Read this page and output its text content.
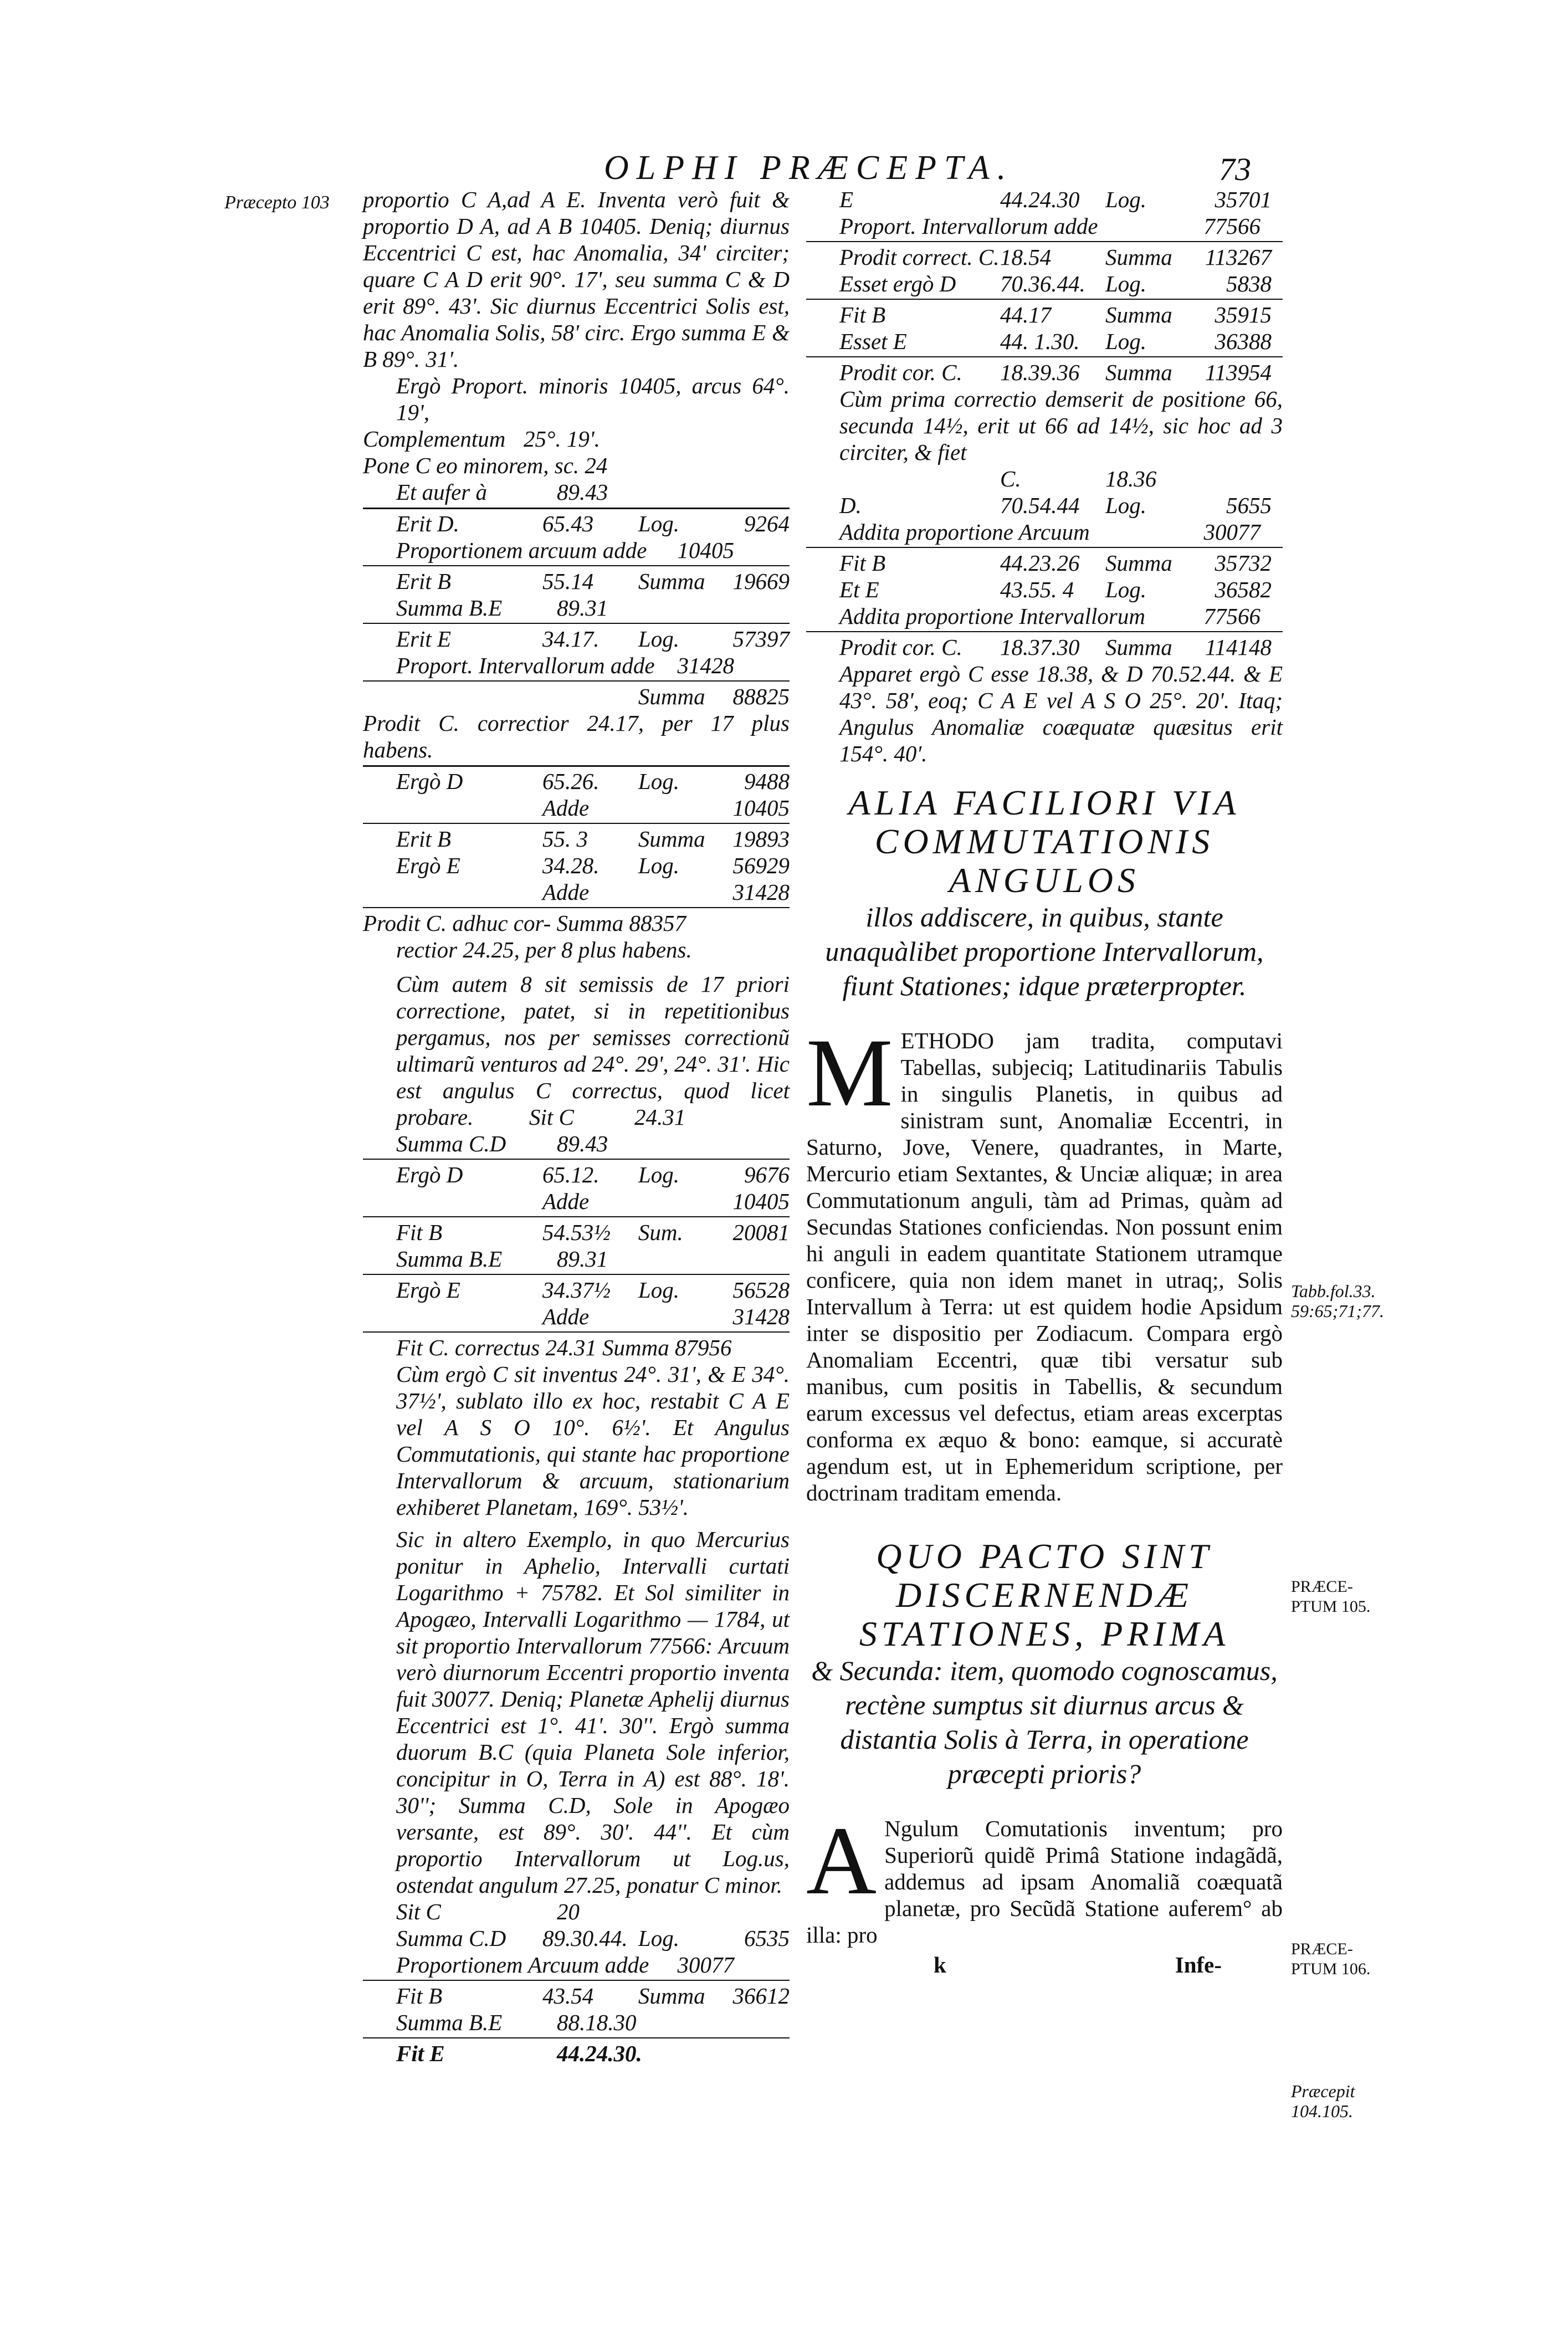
OLPHI PRÆCEPTA.	73
Præcepto 103
Tabb.fol.33.
59:65;71;77.
PRÆCE-
PTUM 105.
PRÆCE-
PTUM 106.
Præcepit
104.105.

proportio C A,ad A E. Inventa verò fuit & proportio D A, ad A B 10405. Deniq; diurnus Eccentrici C est, hac Anomalia, 34' circiter; quare C A D erit 90°. 17', seu summa C & D erit 89°. 43'. Sic diurnus Eccentrici Solis est, hac Anomalia Solis, 58' circ. Ergo summa E & B 89°. 31'.

Ergò Proport. minoris 10405, arcus 64°. 19',

Complementum 25°. 19'.

Pone C eo minorem, sc. 24

Et aufer à	89.43
Erit D.	65.43	Log.	9264
Proportionem arcuum adde	10405
Erit B	55.14	Summa	19669
Summa B.E	89.31
Erit E	34.17.	Log.	57397
Proport. Intervallorum adde 31428
Summa	88825

Prodit C. correctior 24.17, per 17 plus habens.

Ergò D	65.26.	Log.	9488
Adde	10405
Erit B	55. 3	Summa	19893
Ergò E	34.28.	Log.	56929
Adde	31428

Prodit C. adhuc cor- Summa 88357

rectior 24.25, per 8 plus habens.

Cùm autem 8 sit semissis de 17 priori correctione, patet, si in repetitionibus pergamus, nos per semisses correctionũ ultimarũ venturos ad 24°. 29', 24°. 31'. Hic est angulus C correctus, quod licet probare.	Sit C	24.31
Summa C.D	89.43
Ergò D	65.12.	Log.	9676
Adde	10405
Fit B	54.53½	Sum.	20081
Summa B.E	89.31
Ergò E	34.37½	Log.	56528
Adde	31428

Fit C. correctus 24.31 Summa 87956

Cùm ergò C sit inventus 24°. 31', & E 34°. 37½', sublato illo ex hoc, restabit C A E vel A S O 10°. 6½'. Et Angulus Commutationis, qui stante hac proportione Intervallorum & arcuum, stationarium exhiberet Planetam, 169°. 53½'.

Sic in altero Exemplo, in quo Mercurius ponitur in Aphelio, Intervalli curtati Logarithmo + 75782. Et Sol similiter in Apogæo, Intervalli Logarithmo — 1784, ut sit proportio Intervallorum 77566: Arcuum verò diurnorum Eccentri proportio inventa fuit 30077. Deniq; Planetæ Aphelij diurnus Eccentrici est 1°. 41'. 30''. Ergò summa duorum B.C (quia Planeta Sole inferior, concipitur in O, Terra in A) est 88°. 18'. 30''; Summa C.D, Sole in Apogæo versante, est 89°. 30'. 44''. Et cùm proportio Intervallorum ut Log.us, ostendat angulum 27.25, ponatur C minor.

Sit C	20
Summa C.D	89.30.44. Log.	6535
Proportionem Arcuum adde	30077
Fit B	43.54	Summa	36612
Summa B.E	88.18.30
Fit E	44.24.30.
E	44.24.30	Log.	35701
Proport. Intervallorum adde	77566
Prodit correct. C. 18.54	Summa	113267
Esset ergò D	70.36.44. Log.	5838
Fit B	44.17	Summa	35915
Esset E	44. 1.30.	Log.	36388
Prodit cor. C.	18.39.36	Summa	113954

Cùm prima correctio demserit de positione 66, secunda 14½, erit ut 66 ad 14½, sic hoc ad 3 circiter, & fiet

C.	18.36
D.	70.54.44	Log.	5655
Addita proportione Arcuum	30077
Fit B	44.23.26	Summa	35732
Et E	43.55. 4	Log.	36582
Addita proportione Intervallorum	77566
Prodit cor. C.	18.37.30	Summa	114148

Apparet ergò C esse 18.38, & D 70.52.44. & E 43°. 58', eoq; C A E vel A S O 25°. 20'. Itaq; Angulus Anomaliæ coæquatæ quæsitus erit 154°. 40'.

ALIA FACILIORI VIA
COMMUTATIONIS ANGULOS
illos addiscere, in quibus, stante unaquàlibet proportione Intervallorum, fiunt Stationes; idque præterpropter.
M ETHODO jam tradita, computavi Tabellas, subjeciq; Latitudinariis Tabulis in singulis Planetis, in quibus ad sinistram sunt, Anomaliæ Eccentri, in Saturno, Jove, Venere, quadrantes, in Marte, Mercurio etiam Sextantes, & Unciæ aliquæ; in area Commutationum anguli, tàm ad Primas, quàm ad Secundas Stationes conficiendas. Non possunt enim hi anguli in eadem quantitate Stationem utramque conficere, quia non idem manet in utraq;, Solis Intervallum à Terra: ut est quidem hodie Apsidum inter se dispositio per Zodiacum. Compara ergò Anomaliam Eccentri, quæ tibi versatur sub manibus, cum positis in Tabellis, & secundum earum excessus vel defectus, etiam areas excerptas conforma ex æquo & bono: eamque, si accuratè agendum est, ut in Ephemeridum scriptione, per doctrinam traditam emenda.

QUO PACTO SINT DISCERNENDÆ STATIONES, PRIMA
& Secunda: item, quomodo cognoscamus, rectène sumptus sit diurnus arcus & distantia Solis à Terra, in operatione præcepti prioris?
A Ngulum Comutationis inventum; pro Superiorũ quidẽ Primâ Statione indagãdã, addemus ad ipsam Anomaliã coæquatã planetæ, pro Secũdã Statione auferem° ab illa: pro

k	Infe-
